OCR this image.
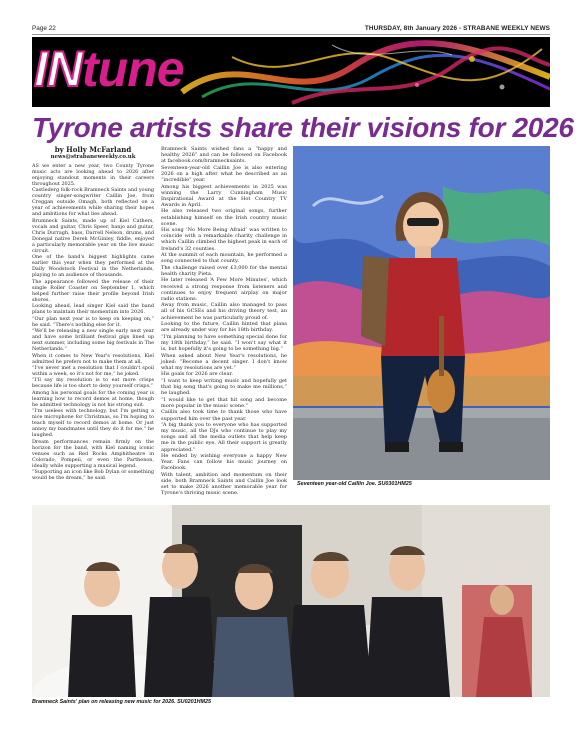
Page 22	THURSDAY, 8th January 2026 - STRABANE WEEKLY NEWS
INtune
Tyrone artists share their visions for 2026
by Holly McFarland
news@strabaneweekly.co.uk

AS we enter a new year, two County Tyrone music acts are looking ahead to 2026 after enjoying standout moments in their careers throughout 2025.

Castlederg folk-rock Bramneck Saints and young country singer-songwriter Caillin Joe, from Creggan outside Omagh, both reflected on a year of achievements while sharing their hopes and ambitions for what lies ahead.

Brumneck Saints, made up of Kiel Cathers, vocals and guitar, Chris Speer, banjo and guitar, Chris Durragh, bass, Darrell Nelson, drums, and Donegal native Derek McGinley, fiddle, enjoyed a particularly memorable year on the live music circuit.

One of the band's biggest highlights came earlier this year when they performed at the Daily Woodstock Festival in the Netherlands, playing to an audience of thousands.

The appearance followed the release of their single Roller Coaster on September 1, which helped further raise their profile beyond Irish shores.

Looking ahead, lead singer Kiel said the band plans to maintain their momentum into 2026.

“Our plan next year is to keep on keeping on,” he said. “There's nothing else for it.

“We'll be releasing a new single early next year and have some brilliant festival gigs lined up next summer, including some big festivals in The Netherlands.”

When it comes to New Year's resolutions, Kiel admitted he prefers not to make them at all.

“I've never met a resolution that I couldn't spoil within a week, so it's not for me,” he joked.

“I'll say my resolution is to eat more crisps because life is too short to deny yourself crisps.”

Among his personal goals for the coming year is learning how to record demos at home, though he admitted technology is not his strong suit.

“I'm useless with technology, but I'm getting a nice microphone for Christmas, so I'm hoping to teach myself to record demos at home. Or just annoy my bandmates until they do it for me,” he laughed.

Dream performances remain firmly on the horizon for the band, with Kiel naming iconic venues such as Red Rocks Amphitheatre in Colorado, Pompeii, or even the Parthenon, ideally while supporting a musical legend.

“Supporting an icon like Bob Dylan or something would be the dream,” he said.

Bramneck Saints wished fans a “happy and healthy 2026” and can be followed on Facebook at facebook.com/bramnecksaints.

Seventeen-year-old Caillin Joe is also entering 2026 on a high after what he described as an “incredible” year.

Among his biggest achievements in 2025 was winning the Larry Cunningham Music Inspirational Award at the Hot Country TV Awards in April.

He also released two original songs, further establishing himself on the Irish country music scene.

His song ‘No More Being Afraid’ was written to coincide with a remarkable charity challenge in which Caillin climbed the highest peak in each of Ireland's 32 counties.

At the summit of each mountain, he performed a song connected to that county.

The challenge raised over £3,000 for the mental health charity Pieta.

He later released ‘A Few More Minutes’, which received a strong response from listeners and continues to enjoy frequent airplay on major radio stations.

Away from music, Caillin also managed to pass all of his GCSEs and his driving theory test, an achievement he was particularly proud of.

Looking to the future, Caillin hinted that plans are already under way for his 18th birthday.

“I'm planning to have something special done for my 18th birthday,” he said. “I won't say what it is, but hopefully it's going to be something big.”

When asked about New Year's resolutions, he joked: “Become a decent singer. I don't know what my resolutions are yet.”

His goals for 2026 are clear.

“I want to keep writing music and hopefully get that big song that's going to make me millions,” he laughed.

“I would like to get that hit song and become more popular in the music scene.”

Caillin also took time to thank those who have supported him over the past year.

“A big thank you to everyone who has supported my music, all the DJs who continue to play my songs and all the media outlets that help keep me in the public eye. All their support is greatly appreciated.”

He ended by wishing everyone a happy New Year. Fans can follow his music journey on Facebook.

With talent, ambition and momentum on their side, both Bramneck Saints and Caillin Joe look set to make 2026 another memorable year for Tyrone's thriving music scene.

Seventeen year-old Caillin Joe. SU0301HM25
Bramneck Saints' plan on releasing new music for 2026. SU0201HM25
